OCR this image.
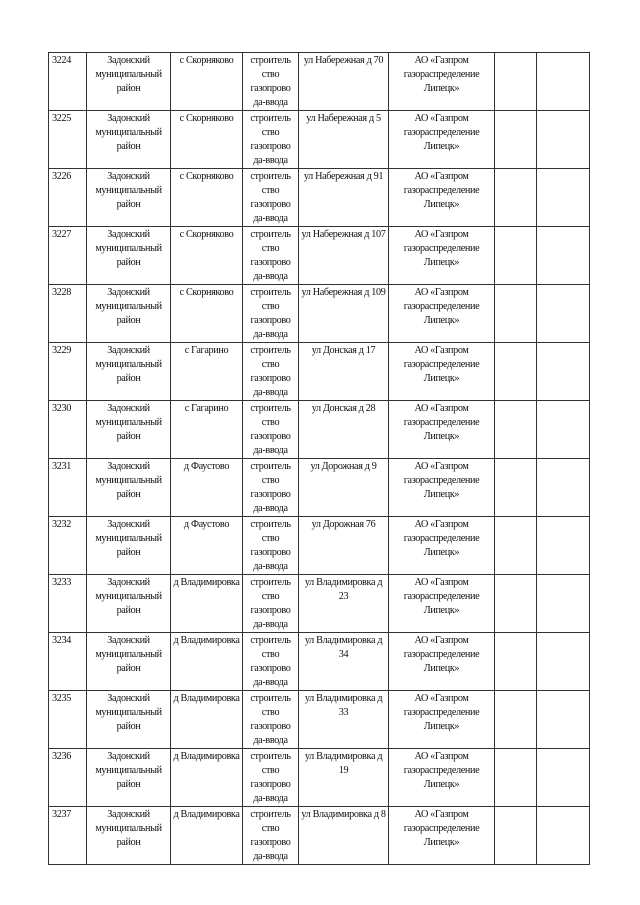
3224	Задонский муниципальный район	с Скорняково	строитель ство газопрово да-ввода	ул Набережная д 70	АО «Газпром газораспределение Липецк»		
3225	Задонский муниципальный район	с Скорняково	строитель ство газопрово да-ввода	ул Набережная д 5	АО «Газпром газораспределение Липецк»		
3226	Задонский муниципальный район	с Скорняково	строитель ство газопрово да-ввода	ул Набережная д 91	АО «Газпром газораспределение Липецк»		
3227	Задонский муниципальный район	с Скорняково	строитель ство газопрово да-ввода	ул Набережная д 107	АО «Газпром газораспределение Липецк»		
3228	Задонский муниципальный район	с Скорняково	строитель ство газопрово да-ввода	ул Набережная д 109	АО «Газпром газораспределение Липецк»		
3229	Задонский муниципальный район	с Гагарино	строитель ство газопрово да-ввода	ул Донская д 17	АО «Газпром газораспределение Липецк»		
3230	Задонский муниципальный район	с Гагарино	строитель ство газопрово да-ввода	ул Донская д 28	АО «Газпром газораспределение Липецк»		
3231	Задонский муниципальный район	д Фаустово	строитель ство газопрово да-ввода	ул Дорожная д 9	АО «Газпром газораспределение Липецк»		
3232	Задонский муниципальный район	д Фаустово	строитель ство газопрово да-ввода	ул Дорожная 76	АО «Газпром газораспределение Липецк»		
3233	Задонский муниципальный район	д Владимировка	строитель ство газопрово да-ввода	ул Владимировка д 23	АО «Газпром газораспределение Липецк»		
3234	Задонский муниципальный район	д Владимировка	строитель ство газопрово да-ввода	ул Владимировка д 34	АО «Газпром газораспределение Липецк»		
3235	Задонский муниципальный район	д Владимировка	строитель ство газопрово да-ввода	ул Владимировка д 33	АО «Газпром газораспределение Липецк»		
3236	Задонский муниципальный район	д Владимировка	строитель ство газопрово да-ввода	ул Владимировка д 19	АО «Газпром газораспределение Липецк»		
3237	Задонский муниципальный район	д Владимировка	строитель ство газопрово да-ввода	ул Владимировка д 8	АО «Газпром газораспределение Липецк»		
